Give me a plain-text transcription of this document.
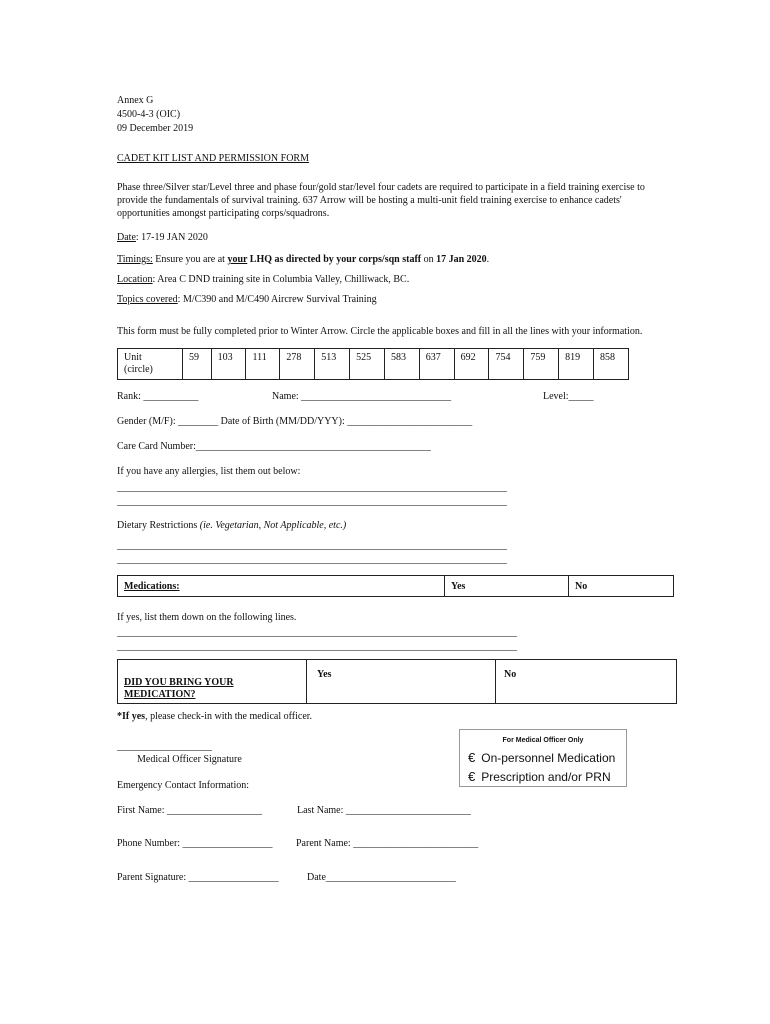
Annex G
4500-4-3 (OIC)
09 December 2019
CADET KIT LIST AND PERMISSION FORM
Phase three/Silver star/Level three and phase four/gold star/level four cadets are required to participate in a field training exercise to provide the fundamentals of survival training. 637 Arrow will be hosting a multi-unit field training exercise to enhance cadets' opportunities amongst participating corps/squadrons.
Date: 17-19 JAN 2020
Timings: Ensure you are at your LHQ as directed by your corps/sqn staff on 17 Jan 2020.
Location: Area C DND training site in Columbia Valley, Chilliwack, BC.
Topics covered: M/C390 and M/C490 Aircrew Survival Training
This form must be fully completed prior to Winter Arrow. Circle the applicable boxes and fill in all the lines with your information.
Unit
(circle)	59	103	111	278	513	525	583	637	692	754	759	819	858
Rank: ___________	Name: ______________________________	Level:_____
Gender (M/F): ________ Date of Birth (MM/DD/YYY): _________________________
Care Card Number:_______________________________________________
If you have any allergies, list them out below:
______________________________________________________________________________
______________________________________________________________________________
Dietary Restrictions (ie. Vegetarian, Not Applicable, etc.)
______________________________________________________________________________
______________________________________________________________________________
Medications:	Yes	No
If yes, list them down on the following lines.
________________________________________________________________________________
________________________________________________________________________________
DID YOU BRING YOUR
MEDICATION?	Yes	No
*If yes, please check-in with the medical officer.
___________________
Medical Officer Signature
For Medical Officer Only
€ On-personnel Medication
€ Prescription and/or PRN
Emergency Contact Information:
First Name: ___________________	Last Name: _________________________
Phone Number: __________________ Parent Name: _________________________
Parent Signature: __________________	Date__________________________
